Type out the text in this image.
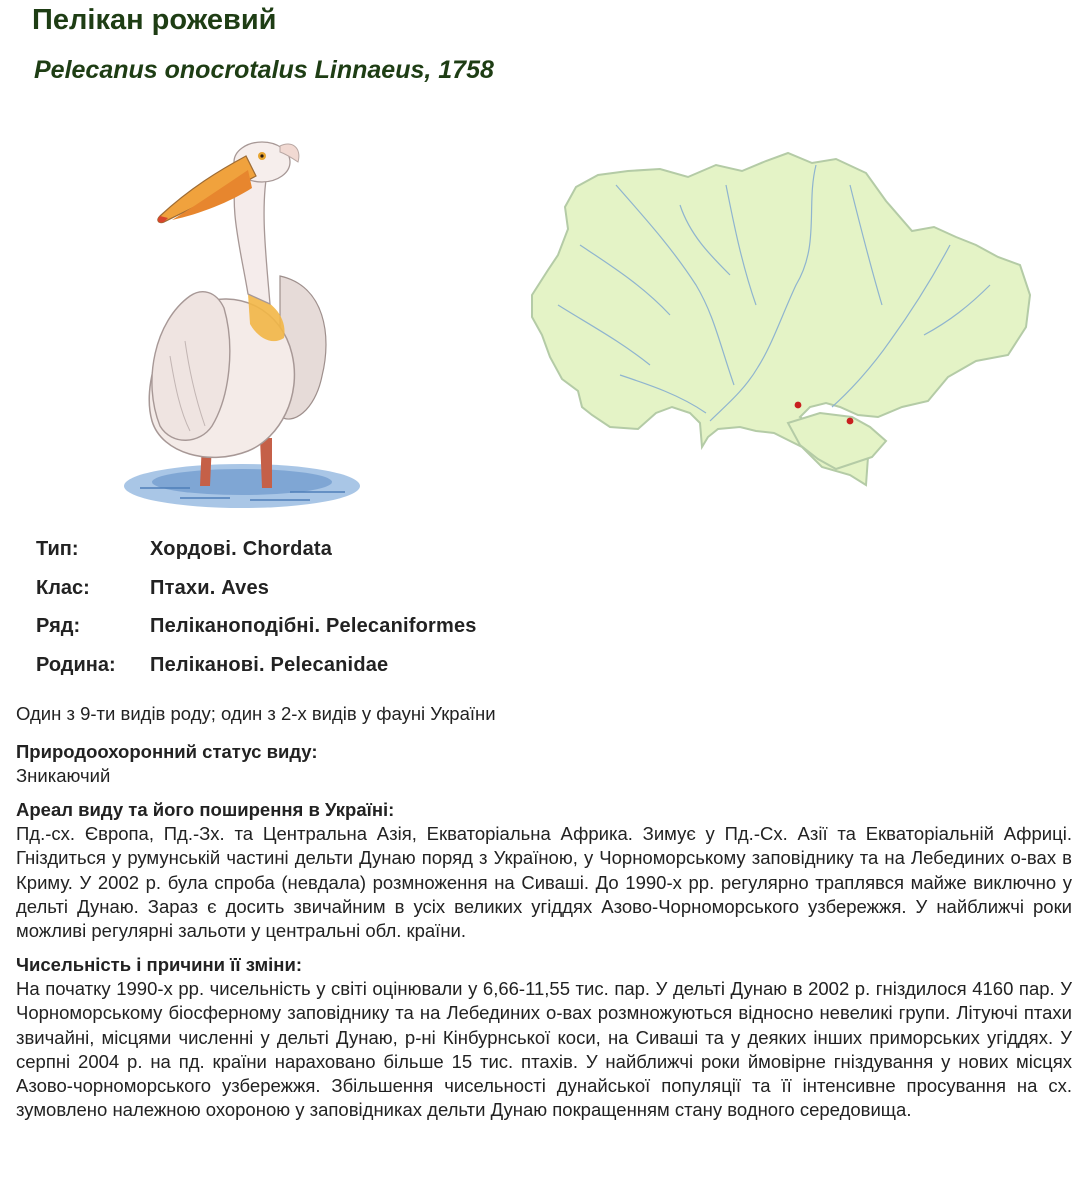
Пелікан рожевий
Pelecanus onocrotalus Linnaeus, 1758
Тип:	Хордові. Chordata
Клас:	Птахи. Aves
Ряд:	Пеліканоподібні. Pelecaniformes
Родина:	Пеліканові. Pelecanidae

Один з 9-ти видів роду; один з 2-х видів у фауні України

Природоохоронний статус виду:

Зникаючий

Ареал виду та його поширення в Україні:

Пд.-сх. Європа, Пд.-Зх. та Центральна Азія, Екваторіальна Африка. Зимує у Пд.-Сх. Азії та Екваторіальній Африці. Гніздиться у румунській частині дельти Дунаю поряд з Україною, у Чорноморському заповіднику та на Лебединих о-вах в Криму. У 2002 р. була спроба (невдала) розмноження на Сиваші. До 1990-х рр. регулярно траплявся майже виключно у дельті Дунаю. Зараз є досить звичайним в усіх великих угіддях Азово-Чорноморського узбережжя. У найближчі роки можливі регулярні зальоти у центральні обл. країни.

Чисельність і причини її зміни:

На початку 1990-х рр. чисельність у світі оцінювали у 6,66-11,55 тис. пар. У дельті Дунаю в 2002 р. гніздилося 4160 пар. У Чорноморському біосферному заповіднику та на Лебединих о-вах розмножуються відносно невеликі групи. Літуючі птахи звичайні, місцями численні у дельті Дунаю, р-ні Кінбурнської коси, на Сиваші та у деяких інших приморських угіддях. У серпні 2004 р. на пд. країни нараховано більше 15 тис. птахів. У найближчі роки ймовірне гніздування у нових місцях Азово-чорноморського узбережжя. Збільшення чисельності дунайської популяції та її інтенсивне просування на сх. зумовлено належною охороною у заповідниках дельти Дунаю покращенням стану водного середовища.
